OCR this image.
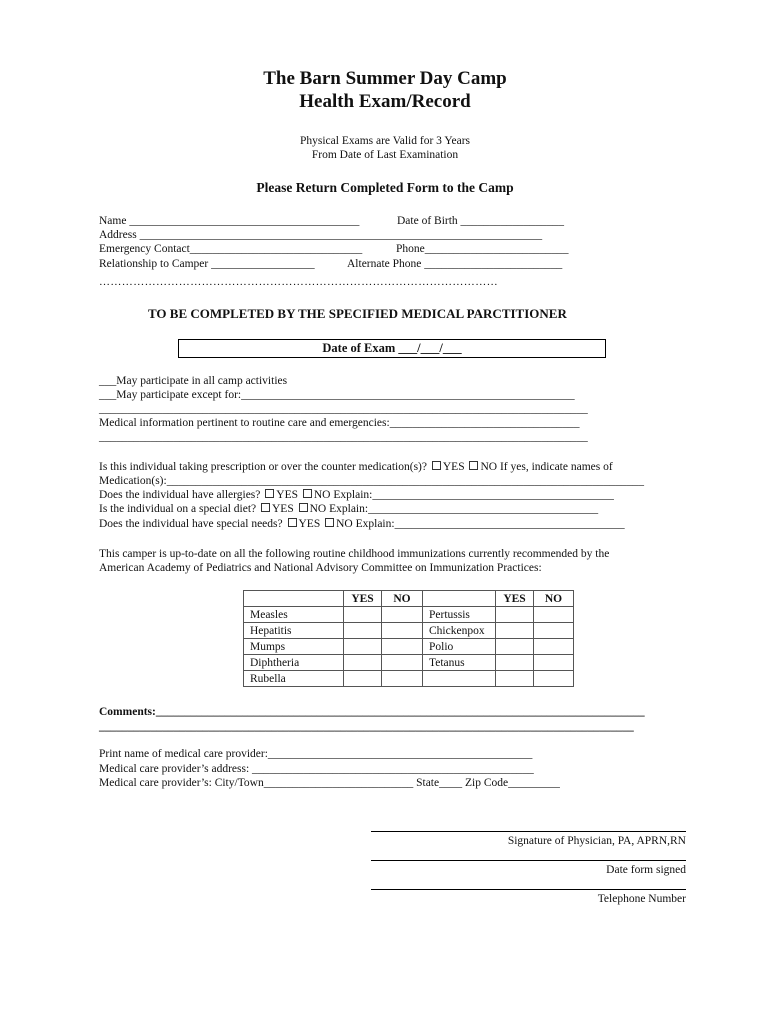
The Barn Summer Day Camp
Health Exam/Record
Physical Exams are Valid for 3 Years
From Date of Last Examination
Please Return Completed Form to the Camp
Name ________________________________________	Date of Birth __________________
Address ______________________________________________________________________
Emergency Contact______________________________	Phone_________________________
Relationship to Camper __________________	Alternate Phone ________________________
……………………………………………………………………………………………
TO BE COMPLETED BY THE SPECIFIED MEDICAL PARCTITIONER
Date of Exam ___/___/___
___May participate in all camp activities
___May participate except for:__________________________________________________________
_____________________________________________________________________________________
Medical information pertinent to routine care and emergencies:_________________________________
_____________________________________________________________________________________
Is this individual taking prescription or over the counter medication(s)? YES NO If yes, indicate names of
Medication(s):___________________________________________________________________________________
Does the individual have allergies? YES NO Explain:__________________________________________
Is the individual on a special diet? YES NO Explain:________________________________________
Does the individual have special needs? YES NO Explain:________________________________________
This camper is up-to-date on all the following routine childhood immunizations currently recommended by the
American Academy of Pediatrics and National Advisory Committee on Immunization Practices:
	YES	NO		YES	NO
Measles			Pertussis		
Hepatitis			Chickenpox		
Mumps			Polio		
Diphtheria			Tetanus		
Rubella					
Comments:_____________________________________________________________________________________
_____________________________________________________________________________________________
Print name of medical care provider:______________________________________________
Medical care provider’s address: _________________________________________________
Medical care provider’s: City/Town__________________________ State____ Zip Code_________
Signature of Physician, PA, APRN,RN
Date form signed
Telephone Number
